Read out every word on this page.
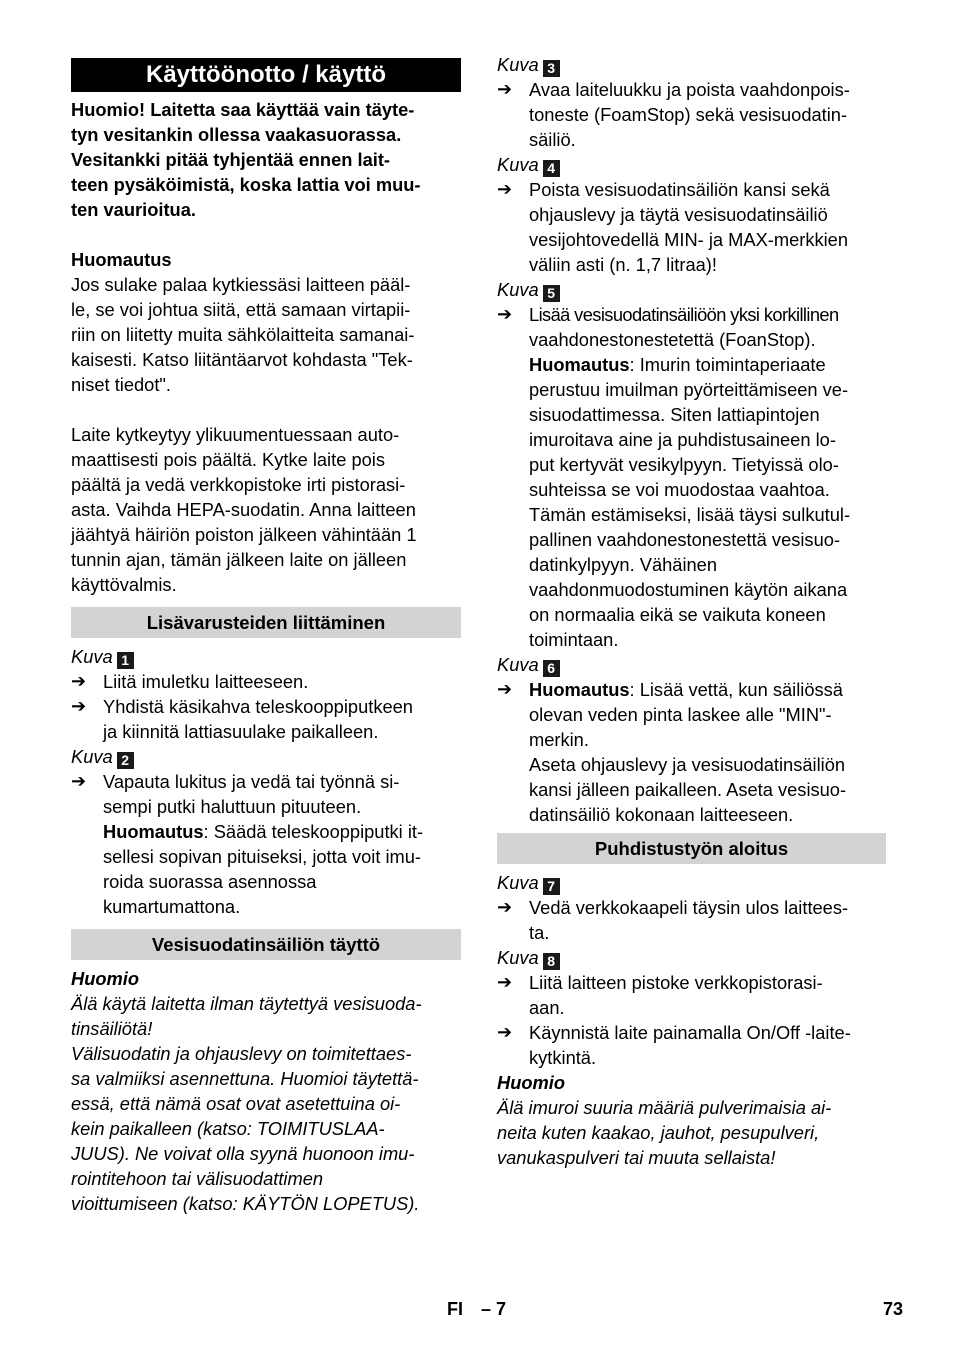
Käyttöönotto / käyttö

Huomio! Laitetta saa käyttää vain täyte-

tyn vesitankin ollessa vaakasuorassa.

Vesitankki pitää tyhjentää ennen lait-

teen pysäköimistä, koska lattia voi muu-

ten vaurioitua.

Huomautus

Jos sulake palaa kytkiessäsi laitteen pääl-

le, se voi johtua siitä, että samaan virtapii-

riin on liitetty muita sähkölaitteita samanai-

kaisesti. Katso liitäntäarvot kohdasta "Tek-

niset tiedot".

Laite kytkeytyy ylikuumentuessaan auto-

maattisesti pois päältä. Kytke laite pois

päältä ja vedä verkkopistoke irti pistorasi-

asta. Vaihda HEPA-suodatin. Anna laitteen

jäähtyä häiriön poiston jälkeen vähintään 1

tunnin ajan, tämän jälkeen laite on jälleen

käyttövalmis.

Lisävarusteiden liittäminen
Kuva 1
➔ Liitä imuletku laitteeseen.

➔ Yhdistä käsikahva teleskooppiputkeen

ja kiinnitä lattiasuulake paikalleen.

Kuva 2
➔ Vapauta lukitus ja vedä tai työnnä si-

sempi putki haluttuun pituuteen.

Huomautus: Säädä teleskooppiputki it-

sellesi sopivan pituiseksi, jotta voit imu-

roida suorassa asennossa

kumartumattona.

Vesisuodatinsäiliön täyttö

Huomio

Älä käytä laitetta ilman täytettyä vesisuoda-

tinsäiliötä!

Välisuodatin ja ohjauslevy on toimitettaes-

sa valmiiksi asennettuna. Huomioi täytettä-

essä, että nämä osat ovat asetettuina oi-

kein paikalleen (katso: TOIMITUSLAA-

JUUS). Ne voivat olla syynä huonoon imu-

rointitehoon tai välisuodattimen

vioittumiseen (katso: KÄYTÖN LOPETUS).

Kuva 3
➔ Avaa laiteluukku ja poista vaahdonpois-

toneste (FoamStop) sekä vesisuodatin-

säiliö.

Kuva 4
➔ Poista vesisuodatinsäiliön kansi sekä

ohjauslevy ja täytä vesisuodatinsäiliö

vesijohtovedellä MIN- ja MAX-merkkien

väliin asti (n. 1,7 litraa)!

Kuva 5
➔ Lisää vesisuodatinsäiliöön yksi korkillinen

vaahdonestonestetettä (FoanStop).

Huomautus: Imurin toimintaperiaate

perustuu imuilman pyörteittämiseen ve-

sisuodattimessa. Siten lattiapintojen

imuroitava aine ja puhdistusaineen lo-

put kertyvät vesikylpyyn. Tietyissä olo-

suhteissa se voi muodostaa vaahtoa.

Tämän estämiseksi, lisää täysi sulkutul-

pallinen vaahdonestonestettä vesisuo-

datinkylpyyn. Vähäinen

vaahdonmuodostuminen käytön aikana

on normaalia eikä se vaikuta koneen

toimintaan.

Kuva 6
➔ Huomautus: Lisää vettä, kun säiliössä

olevan veden pinta laskee alle "MIN"-

merkin.

Aseta ohjauslevy ja vesisuodatinsäiliön

kansi jälleen paikalleen. Aseta vesisuo-

datinsäiliö kokonaan laitteeseen.

Puhdistustyön aloitus
Kuva 7
➔ Vedä verkkokaapeli täysin ulos laittees-

ta.

Kuva 8
➔ Liitä laitteen pistoke verkkopistorasi-

aan.

➔ Käynnistä laite painamalla On/Off -laite-

kytkintä.

Huomio

Älä imuroi suuria määriä pulverimaisia ai-

neita kuten kaakao, jauhot, pesupulveri,

vanukaspulveri tai muuta sellaista!

FI – 7	73
